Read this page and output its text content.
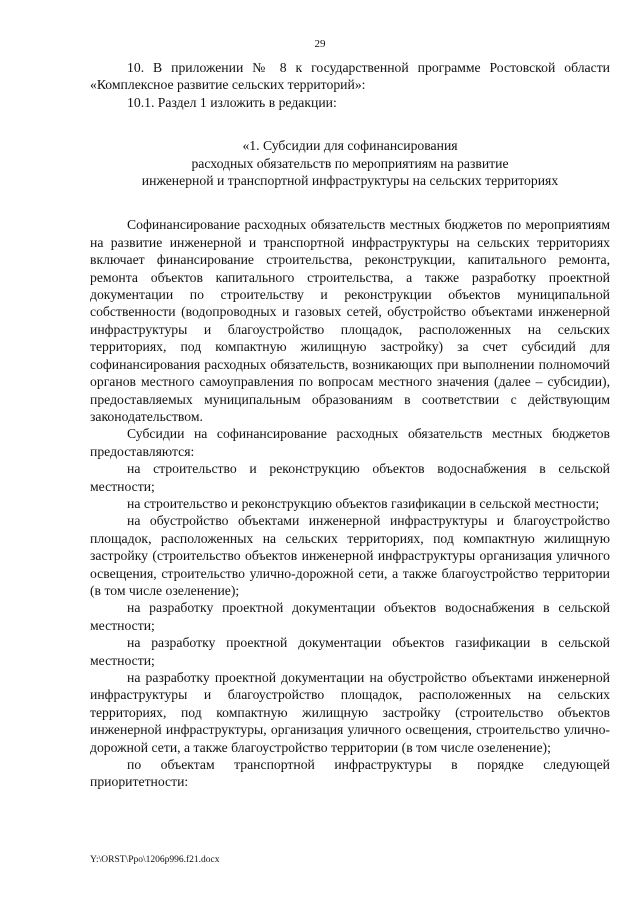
29

10. В приложении № 8 к государственной программе Ростовской области «Комплексное развитие сельских территорий»:

10.1. Раздел 1 изложить в редакции:

«1. Субсидии для софинансирования

расходных обязательств по мероприятиям на развитие

инженерной и транспортной инфраструктуры на сельских территориях

Софинансирование расходных обязательств местных бюджетов по мероприятиям на развитие инженерной и транспортной инфраструктуры на сельских территориях включает финансирование строительства, реконструкции, капитального ремонта, ремонта объектов капитального строительства, а также разработку проектной документации по строительству и реконструкции объектов муниципальной собственности (водопроводных и газовых сетей, обустройство объектами инженерной инфраструктуры и благоустройство площадок, расположенных на сельских территориях, под компактную жилищную застройку) за счет субсидий для софинансирования расходных обязательств, возникающих при выполнении полномочий органов местного самоуправления по вопросам местного значения (далее – субсидии), предоставляемых муниципальным образованиям в соответствии с действующим законодательством.

Субсидии на софинансирование расходных обязательств местных бюджетов предоставляются:

на строительство и реконструкцию объектов водоснабжения в сельской местности;

на строительство и реконструкцию объектов газификации в сельской местности;

на обустройство объектами инженерной инфраструктуры и благоустройство площадок, расположенных на сельских территориях, под компактную жилищную застройку (строительство объектов инженерной инфраструктуры организация уличного освещения, строительство улично-дорожной сети, а также благоустройство территории (в том числе озеленение);

на разработку проектной документации объектов водоснабжения в сельской местности;

на разработку проектной документации объектов газификации в сельской местности;

на разработку проектной документации на обустройство объектами инженерной инфраструктуры и благоустройство площадок, расположенных на сельских территориях, под компактную жилищную застройку (строительство объектов инженерной инфраструктуры, организация уличного освещения, строительство улично-дорожной сети, а также благоустройство территории (в том числе озеленение);

по объектам транспортной инфраструктуры в порядке следующей приоритетности:

Y:\ORST\Ppo\1206p996.f21.docx
